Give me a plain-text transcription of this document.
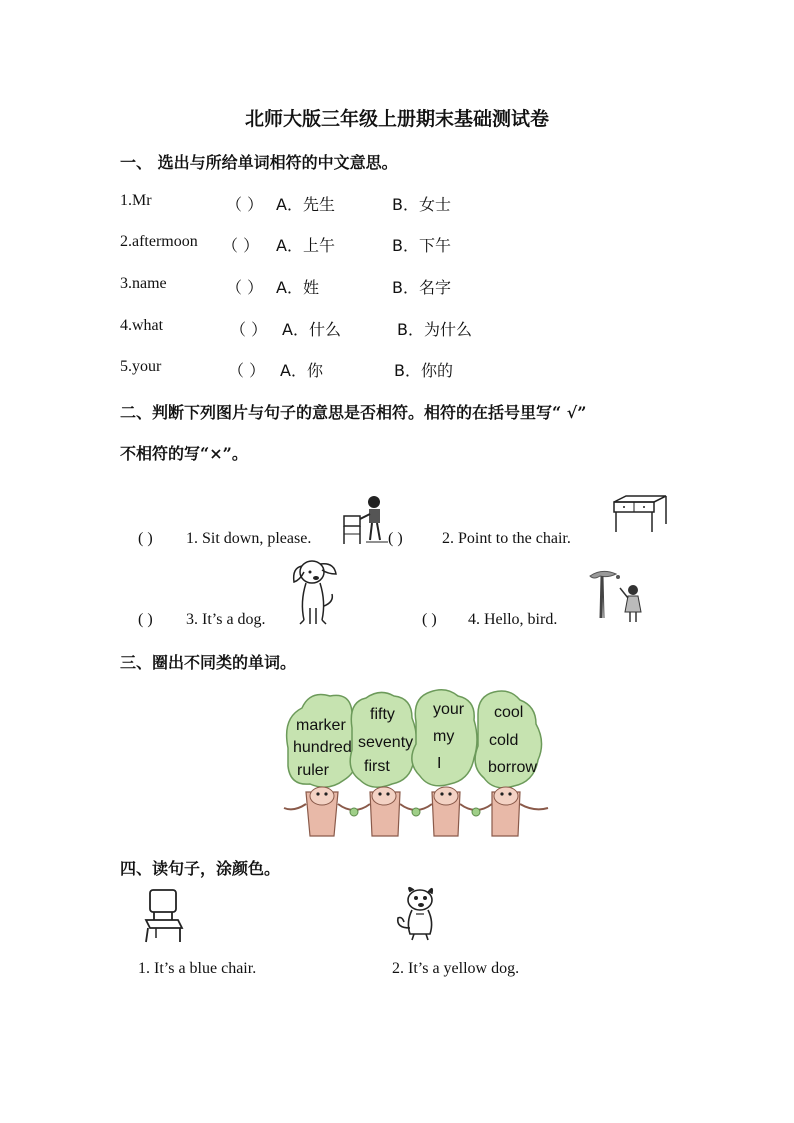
北师大版三年级上册期末基础测试卷
一、 选出与所给单词相符的中文意思。
1.Mr	（ ） A．先生	B．女士
2.aftermoon （ ） A．上午	B．下午
3.name	（ ） A．姓	B．名字
4.what	（ ） A．什么	B．为什么
5.your	（ ） A．你	B．你的
二、判断下列图片与句子的意思是否相符。相符的在括号里写“ √”
不相符的写“×”。
( ) 1. Sit down, please.	( ) 2. Point to the chair.
( ) 3. It’s a dog.	( ) 4. Hello, bird.
三、圈出不同类的单词。
marker
hundred
ruler
fifty
seventy
first
your
my
I
cool
cold
borrow
四、读句子，涂颜色。
1. It’s a blue chair.	2. It’s a yellow dog.
